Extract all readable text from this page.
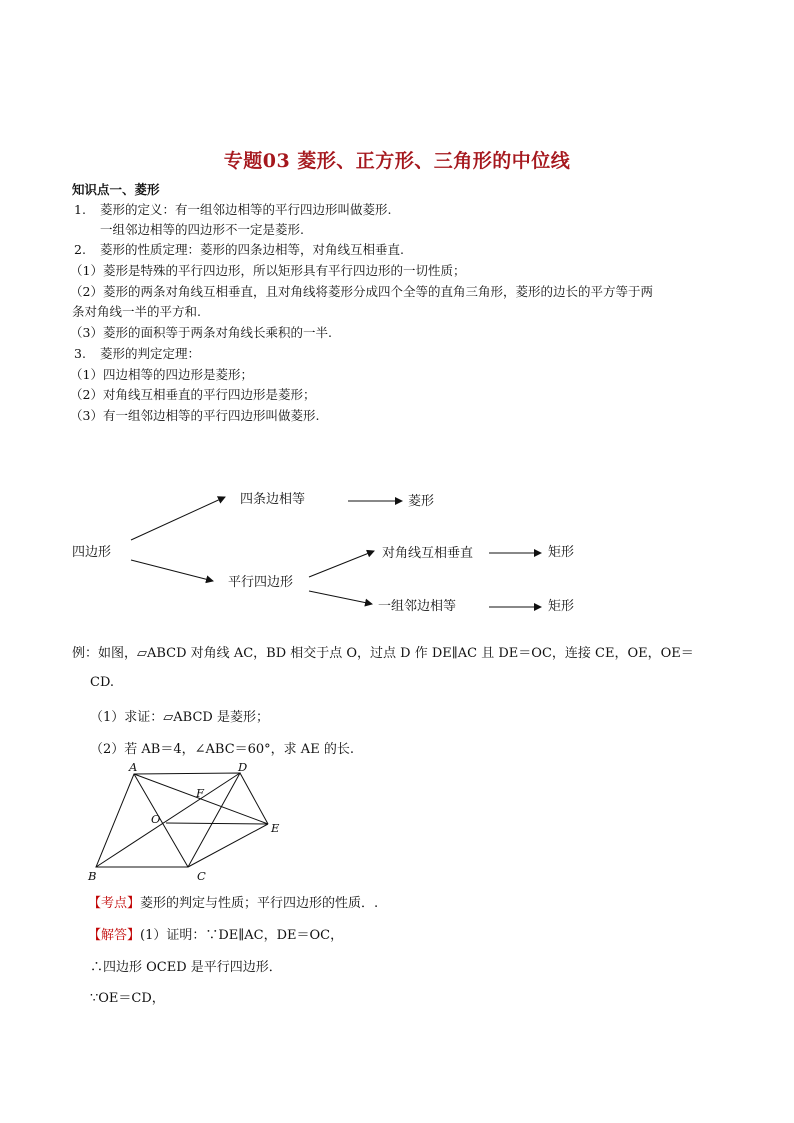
专题03 菱形、正方形、三角形的中位线
知识点一、菱形
1. 菱形的定义：有一组邻边相等的平行四边形叫做菱形.
一组邻边相等的四边形不一定是菱形.
2. 菱形的性质定理：菱形的四条边相等，对角线互相垂直.
（1）菱形是特殊的平行四边形，所以矩形具有平行四边形的一切性质；
（2）菱形的两条对角线互相垂直，且对角线将菱形分成四个全等的直角三角形，菱形的边长的平方等于两
条对角线一半的平方和.
（3）菱形的面积等于两条对角线长乘积的一半.
3. 菱形的判定定理：
（1）四边相等的四边形是菱形；
（2）对角线互相垂直的平行四边形是菱形；
（3）有一组邻边相等的平行四边形叫做菱形.
四边形
四条边相等	菱形
平行四边形
对角线互相垂直	矩形
一组邻边相等	矩形
例：如图，▱ABCD 对角线 AC，BD 相交于点 O，过点 D 作 DE∥AC 且 DE＝OC，连接 CE，OE，OE＝
CD.
（1）求证：▱ABCD 是菱形；
（2）若 AB＝4，∠ABC＝60°，求 AE 的长.
A	D
F
O
E
B	C
【考点】菱形的判定与性质；平行四边形的性质．.
【解答】(1）证明：∵DE∥AC，DE＝OC，
∴四边形 OCED 是平行四边形．
∵OE＝CD，
